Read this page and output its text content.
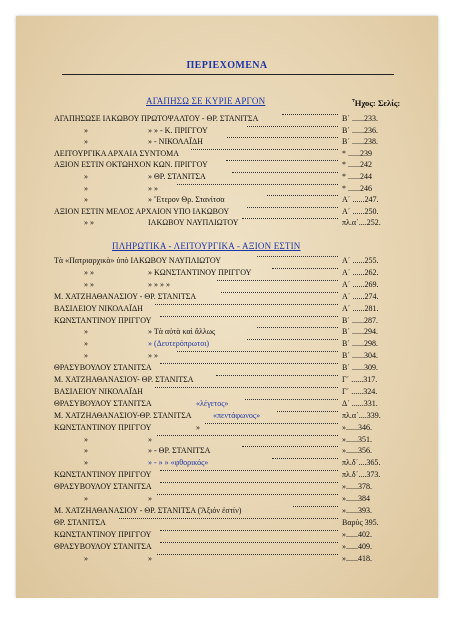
ΠΕΡΙΕΧΟΜΕΝΑ
ΑΓΑΠΗΣΩ ΣΕ ΚΥΡΙΕ ΑΡΓΟΝ	Ἦχος: Σελίς:
ΑΓΑΠΗΣΩΣΕ ΙΑΚΩΒΟΥ ΠΡΩΤΟΨΑΛΤΟΥ - ΘΡ. ΣΤΑΝΙΤΣΑ	Β΄ ......233.
»	» » - Κ. ΠΡΙΓΓΟΥ	Β΄ ......236.
»	» - ΝΙΚΟΛΑΪΔΗ	Β΄ ......238.
ΛΕΙΤΟΥΡΓΙΚΑ ΑΡΧΑΙΑ ΣΥΝΤΟΜΑ	* ......239
ΑΞΙΟΝ ΕΣΤΙΝ ΟΚΤΩΗΧΟΝ ΚΩΝ. ΠΡΙΓΓΟΥ	* ......242
»	» ΘΡ. ΣΤΑΝΙΤΣΑ	* ......244
»	» »	* ......246
»	» Ἕτερον Θρ. Στανίτσα	Α΄ ......247.
ΑΞΙΟΝ ΕΣΤΙΝ ΜΕΛΟΣ ΑΡΧΑΙΟΝ ΥΠΟ ΙΑΚΩΒΟΥ	Α΄ ......250.
» »	ΙΑΚΩΒΟΥ ΝΑΥΠΛΙΩΤΟΥ	πλ.α΄....252.
ΠΛΗΡΩΤΙΚΑ - ΛΕΙΤΟΥΡΓΙΚΑ - ΑΞΙΟΝ ΕΣΤΙΝ
Τὰ «Πατριαρχικὰ» ὑπὸ ΙΑΚΩΒΟΥ ΝΑΥΠΛΙΩΤΟΥ	Α΄ ......255.
» »	» ΚΩΝΣΤΑΝΤΙΝΟΥ ΠΡΙΓΓΟΥ	Α΄ ......262.
» »	» » » »	Α΄ ......269.
Μ. ΧΑΤΖΗΑΘΑΝΑΣΙΟΥ - ΘΡ. ΣΤΑΝΙΤΣΑ	Α΄ ......274.
ΒΑΣΙΛΕΙΟΥ ΝΙΚΟΛΑΪΔΗ	Α΄ ......281.
ΚΩΝΣΤΑΝΤΙΝΟΥ ΠΡΙΓΓΟΥ	Β΄ ......287.
»	» Τὰ αὐτὰ καὶ ἄλλως	Β΄ ......294.
»	» (Δευτερόπρωτοι)	Β΄ ......298.
»	» »	Β΄ ......304.
ΘΡΑΣΥΒΟΥΛΟΥ ΣΤΑΝΙΤΣΑ	Β΄ ......309.
Μ. ΧΑΤΖΗΑΘΑΝΑΣΙΟΥ- ΘΡ. ΣΤΑΝΙΤΣΑ	Γ΄ ......317.
ΒΑΣΙΛΕΙΟΥ ΝΙΚΟΛΑΪΔΗ	Γ΄ ......324.
ΘΡΑΣΥΒΟΥΛΟΥ ΣΤΑΝΙΤΣΑ	«λέγετος»	Δ΄ ......331.
Μ. ΧΑΤΖΗΑΘΑΝΑΣΙΟΥ-ΘΡ. ΣΤΑΝΙΤΣΑ	«πεντάφωνος»	πλ.α΄....339.
ΚΩΝΣΤΑΝΤΙΝΟΥ ΠΡΙΓΓΟΥ	»	»......346.
»	»	»......351.
»	» - ΘΡ. ΣΤΑΝΙΤΣΑ	»......356.
»	» - » » «φθορικός»	πλ.δ΄....365.
ΚΩΝΣΤΑΝΤΙΝΟΥ ΠΡΙΓΓΟΥ	πλ.δ΄....373.
ΘΡΑΣΥΒΟΥΛΟΥ ΣΤΑΝΙΤΣΑ	»......378.
»	»	»......384
Μ. ΧΑΤΖΗΑΘΑΝΑΣΙΟΥ - ΘΡ. ΣΤΑΝΙΤΣΑ (Ἄξιόν ἐστίν)	»......393.
ΘΡ. ΣΤΑΝΙΤΣΑ	Βαρὺς 395.
ΚΩΝΣΤΑΝΤΙΝΟΥ ΠΡΙΓΓΟΥ	»......402.
ΘΡΑΣΥΒΟΥΛΟΥ ΣΤΑΝΙΤΣΑ	»......409.
»	»	»......418.
